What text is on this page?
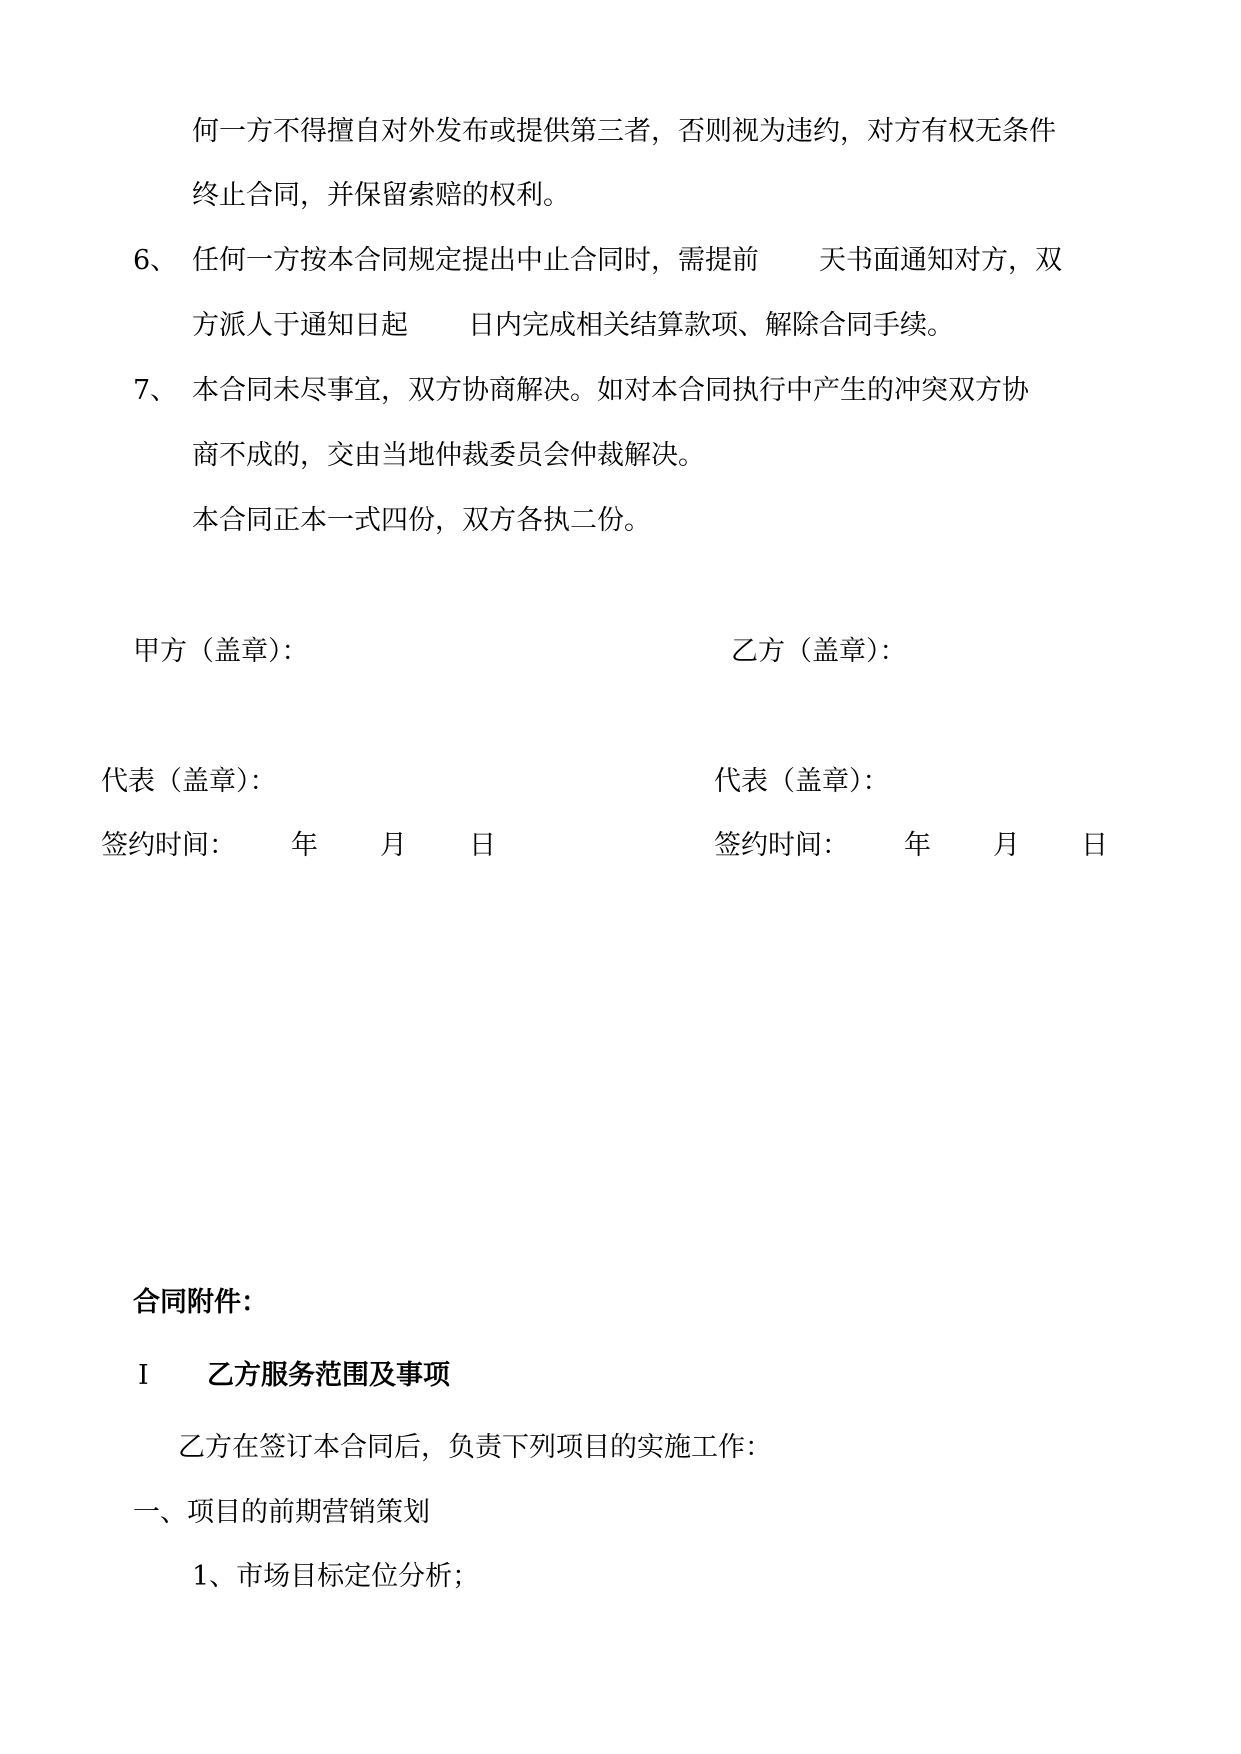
何一方不得擅自对外发布或提供第三者，否则视为违约，对方有权无条件
终止合同，并保留索赔的权利。
6、 任何一方按本合同规定提出中止合同时，需提前 天书面通知对方，双
方派人于通知日起 日内完成相关结算款项、解除合同手续。
7、 本合同未尽事宜，双方协商解决。如对本合同执行中产生的冲突双方协
商不成的，交由当地仲裁委员会仲裁解决。
本合同正本一式四份，双方各执二份。
甲方（盖章）：	乙方（盖章）：
代表（盖章）：	代表（盖章）：
签约时间： 年 月 日	签约时间： 年 月 日
合同附件：
Ⅰ 乙方服务范围及事项
乙方在签订本合同后，负责下列项目的实施工作：
一、项目的前期营销策划
1、市场目标定位分析；
